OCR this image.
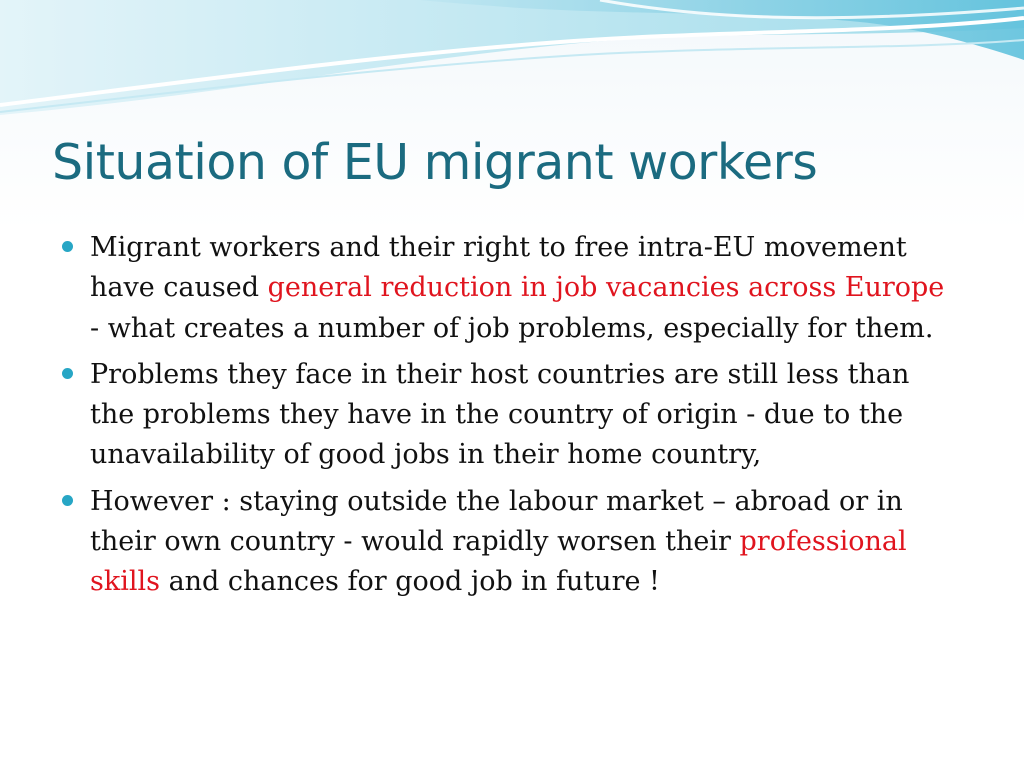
Situation of EU migrant workers
Migrant workers and their right to free intra-EU movement have caused general reduction in job vacancies across Europe - what creates a number of job problems, especially for them.
Problems they face in their host countries are still less than the problems they have in the country of origin - due to the unavailability of good jobs in their home country,
However : staying outside the labour market – abroad or in their own country - would rapidly worsen their professional skills and chances for good job in future !
